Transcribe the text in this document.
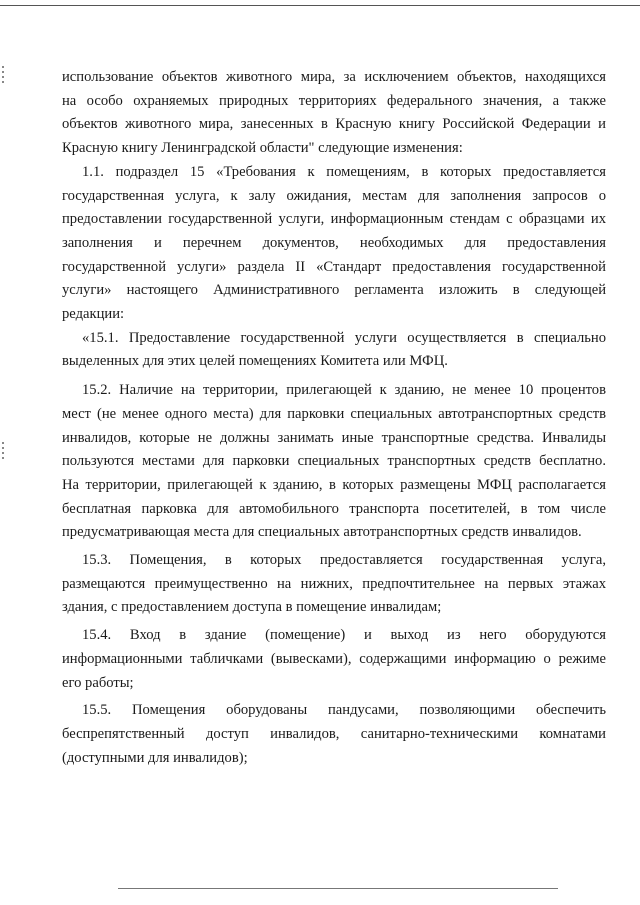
использование объектов животного мира, за исключением объектов, находящихся
на особо охраняемых природных территориях федерального значения, а также
объектов животного мира, занесенных в Красную книгу Российской Федерации и
Красную книгу Ленинградской области" следующие изменения:
1.1. подраздел 15 «Требования к помещениям, в которых предоставляется
государственная услуга, к залу ожидания, местам для заполнения запросов о
предоставлении государственной услуги, информационным стендам с образцами их
заполнения и перечнем документов, необходимых для предоставления
государственной услуги» раздела II «Стандарт предоставления государственной
услуги» настоящего Административного регламента изложить в следующей
редакции:
«15.1. Предоставление государственной услуги осуществляется в специально
выделенных для этих целей помещениях Комитета или МФЦ.
15.2. Наличие на территории, прилегающей к зданию, не менее 10 процентов
мест (не менее одного места) для парковки специальных автотранспортных средств
инвалидов, которые не должны занимать иные транспортные средства. Инвалиды
пользуются местами для парковки специальных транспортных средств бесплатно.
На территории, прилегающей к зданию, в которых размещены МФЦ располагается
бесплатная парковка для автомобильного транспорта посетителей, в том числе
предусматривающая места для специальных автотранспортных средств инвалидов.
15.3. Помещения, в которых предоставляется государственная услуга,
размещаются преимущественно на нижних, предпочтительнее на первых этажах
здания, с предоставлением доступа в помещение инвалидам;
15.4. Вход в здание (помещение) и выход из него оборудуются
информационными табличками (вывесками), содержащими информацию о режиме
его работы;
15.5. Помещения оборудованы пандусами, позволяющими обеспечить
беспрепятственный доступ инвалидов, санитарно-техническими комнатами
(доступными для инвалидов);
